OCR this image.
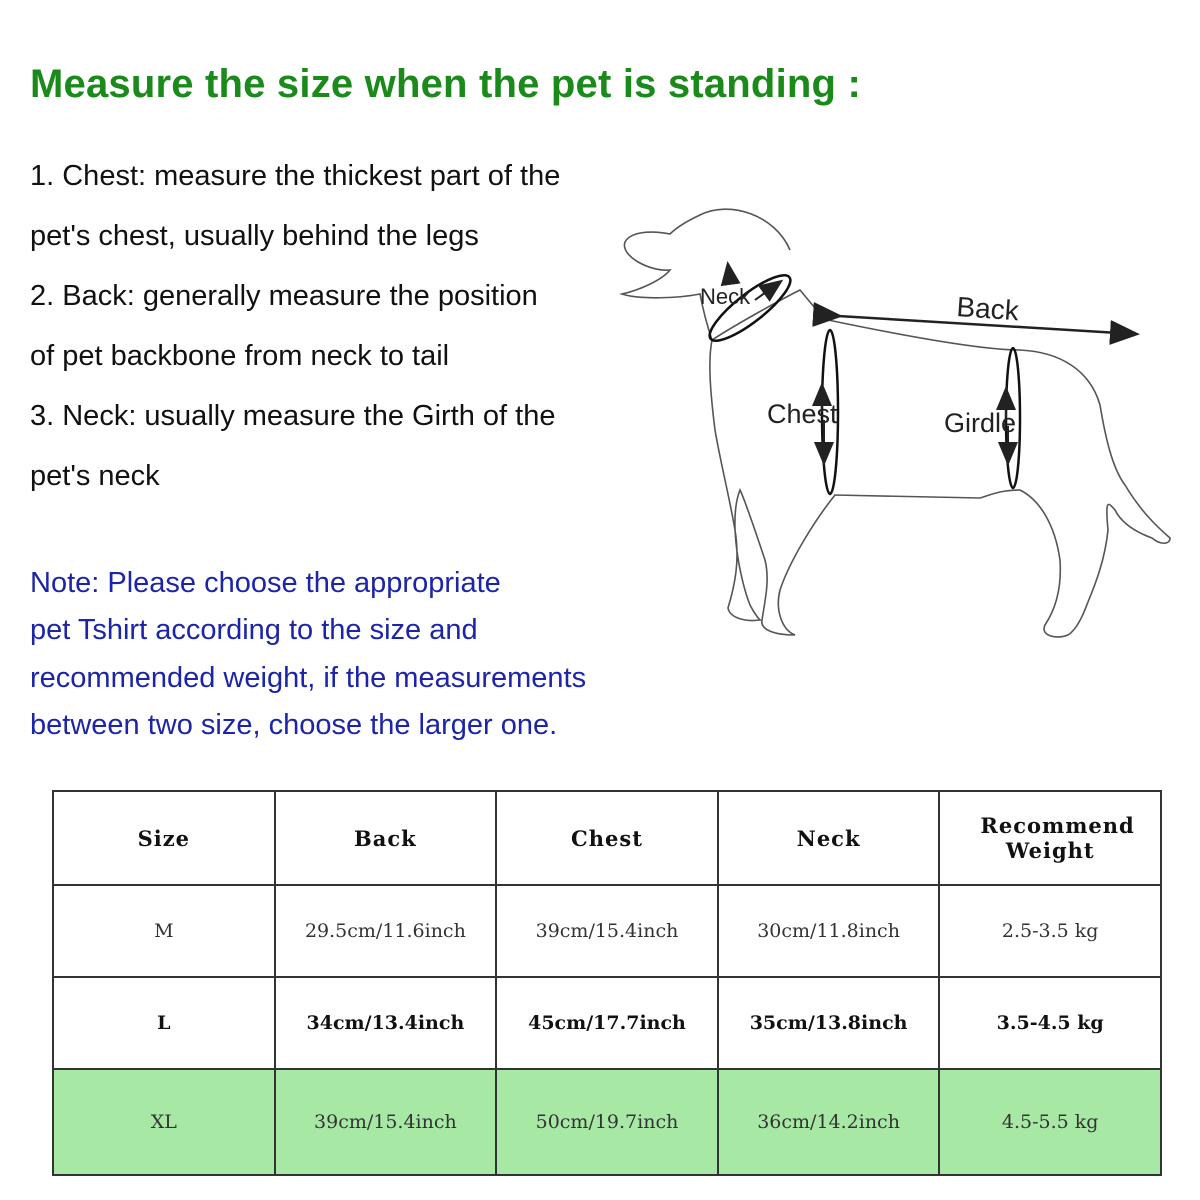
Measure the size when the pet is standing :
1. Chest: measure the thickest part of the
pet's chest, usually behind the legs
2. Back: generally measure the position
of pet backbone from neck to tail
3. Neck: usually measure the Girth of the
pet's neck
Note: Please choose the appropriate
pet Tshirt according to the size and
recommended weight, if the measurements
between two size, choose the larger one.
Neck	Back
Chest	Girdle
Size	Back	Chest	Neck	Recommend Weight
M	29.5cm/11.6inch	39cm/15.4inch	30cm/11.8inch	2.5-3.5 kg
L	34cm/13.4inch	45cm/17.7inch	35cm/13.8inch	3.5-4.5 kg
XL	39cm/15.4inch	50cm/19.7inch	36cm/14.2inch	4.5-5.5 kg
